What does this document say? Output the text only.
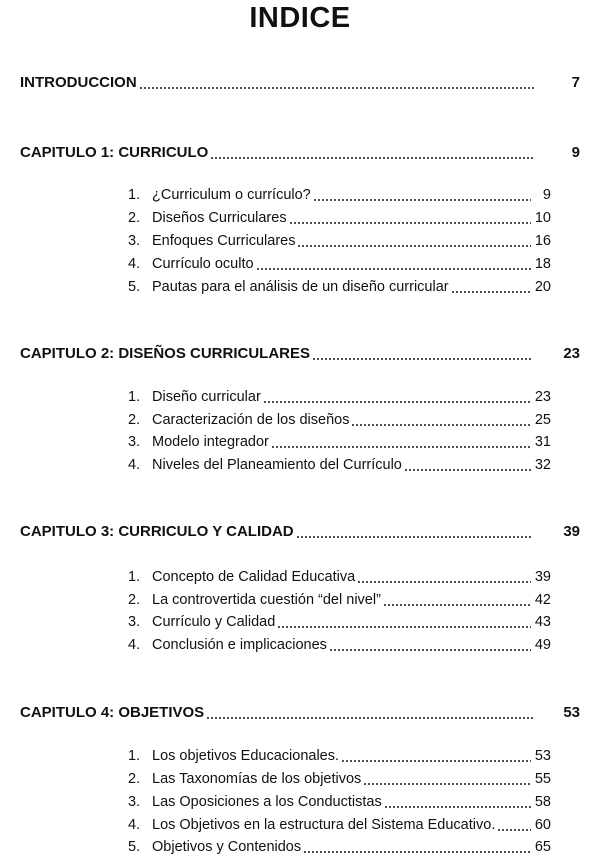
INDICE
INTRODUCCION	7
CAPITULO 1: CURRICULO	9
1. ¿Curriculum o currículo?	9
2. Diseños Curriculares	10
3. Enfoques Curriculares	16
4. Currículo oculto	18
5. Pautas para el análisis de un diseño curricular	20
CAPITULO 2: DISEÑOS CURRICULARES	23
1. Diseño curricular	23
2. Caracterización de los diseños	25
3. Modelo integrador	31
4. Niveles del Planeamiento del Currículo	32
CAPITULO 3: CURRICULO Y CALIDAD	39
1. Concepto de Calidad Educativa	39
2. La controvertida cuestión “del nivel”	42
3. Currículo y Calidad	43
4. Conclusión e implicaciones	49
CAPITULO 4: OBJETIVOS	53
1. Los objetivos Educacionales.	53
2. Las Taxonomías de los objetivos	55
3. Las Oposiciones a los Conductistas	58
4. Los Objetivos en la estructura del Sistema Educativo.	60
5. Objetivos y Contenidos	65
